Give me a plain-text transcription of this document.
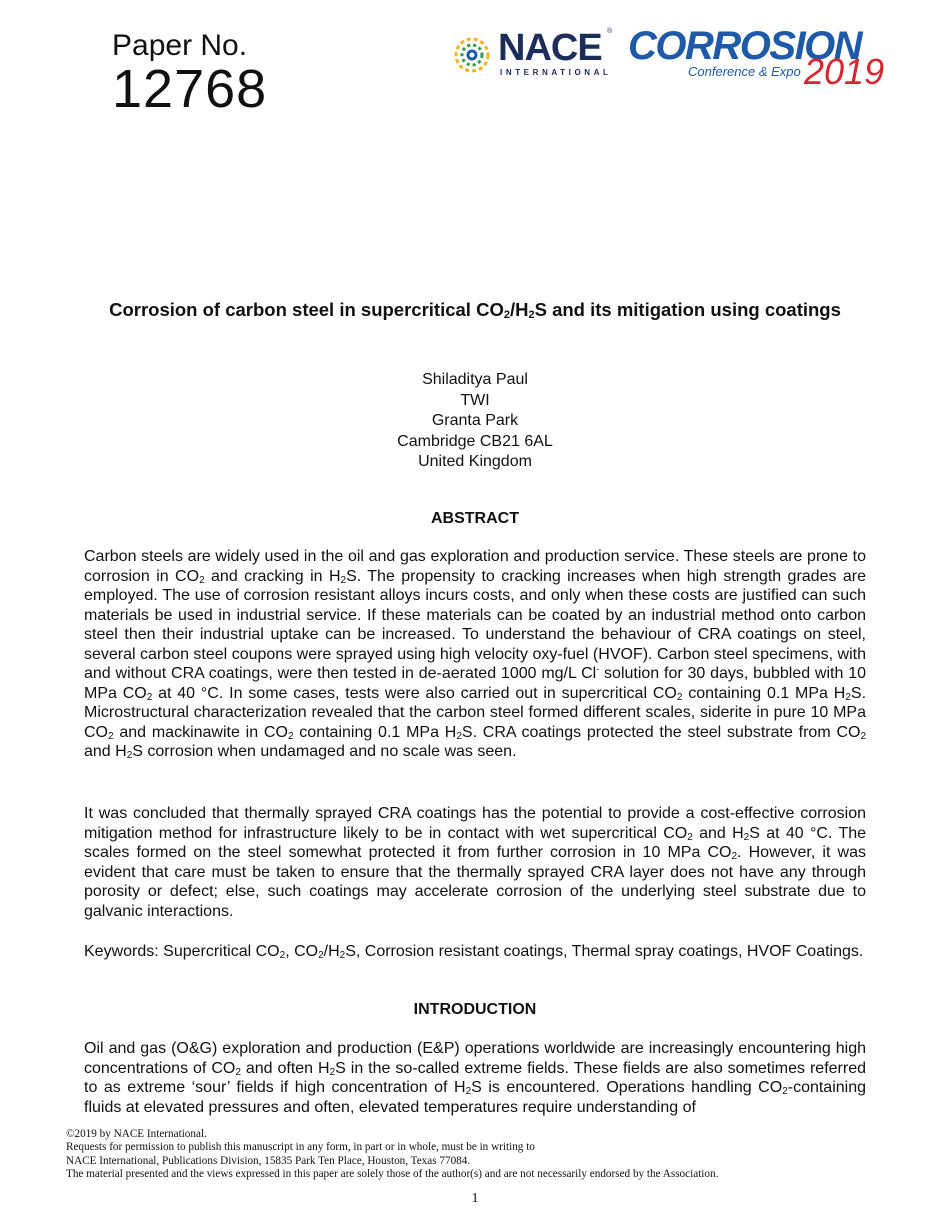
Paper No.
12768
NACE ®
INTERNATIONAL
CORROSION
Conference & Expo 2019
Corrosion of carbon steel in supercritical $CO_2/H_2S$ and its mitigation using coatings
Shiladitya Paul
TWI
Granta Park
Cambridge CB21 6AL
United Kingdom
ABSTRACT
Carbon steels are widely used in the oil and gas exploration and production service. These steels are prone to corrosion in $CO_2$ and cracking in $H_2S$. The propensity to cracking increases when high strength grades are employed. The use of corrosion resistant alloys incurs costs, and only when these costs are justified can such materials be used in industrial service. If these materials can be coated by an industrial method onto carbon steel then their industrial uptake can be increased. To understand the behaviour of CRA coatings on steel, several carbon steel coupons were sprayed using high velocity oxy-fuel (HVOF). Carbon steel specimens, with and without CRA coatings, were then tested in de-aerated 1000 mg/L Cl- solution for 30 days, bubbled with 10 MPa $CO_2$ at 40 °C. In some cases, tests were also carried out in supercritical $CO_2$ containing 0.1 MPa $H_2S$. Microstructural characterization revealed that the carbon steel formed different scales, siderite in pure 10 MPa $CO_2$ and mackinawite in $CO_2$ containing 0.1 MPa $H_2S$. CRA coatings protected the steel substrate from $CO_2$ and $H_2S$ corrosion when undamaged and no scale was seen.
It was concluded that thermally sprayed CRA coatings has the potential to provide a cost-effective corrosion mitigation method for infrastructure likely to be in contact with wet supercritical $CO_2$ and $H_2S$ at 40 °C. The scales formed on the steel somewhat protected it from further corrosion in 10 MPa $CO_2$. However, it was evident that care must be taken to ensure that the thermally sprayed CRA layer does not have any through porosity or defect; else, such coatings may accelerate corrosion of the underlying steel substrate due to galvanic interactions.
Keywords: Supercritical $CO_2$, $CO_2/H_2S$, Corrosion resistant coatings, Thermal spray coatings, HVOF Coatings.
INTRODUCTION
Oil and gas (O&G) exploration and production (E&P) operations worldwide are increasingly encountering high concentrations of $CO_2$ and often $H_2S$ in the so-called extreme fields. These fields are also sometimes referred to as extreme ‘sour’ fields if high concentration of $H_2S$ is encountered. Operations handling $CO_2$-containing fluids at elevated pressures and often, elevated temperatures require understanding of
©2019 by NACE International.
Requests for permission to publish this manuscript in any form, in part or in whole, must be in writing to
NACE International, Publications Division, 15835 Park Ten Place, Houston, Texas 77084.
The material presented and the views expressed in this paper are solely those of the author(s) and are not necessarily endorsed by the Association.
1
